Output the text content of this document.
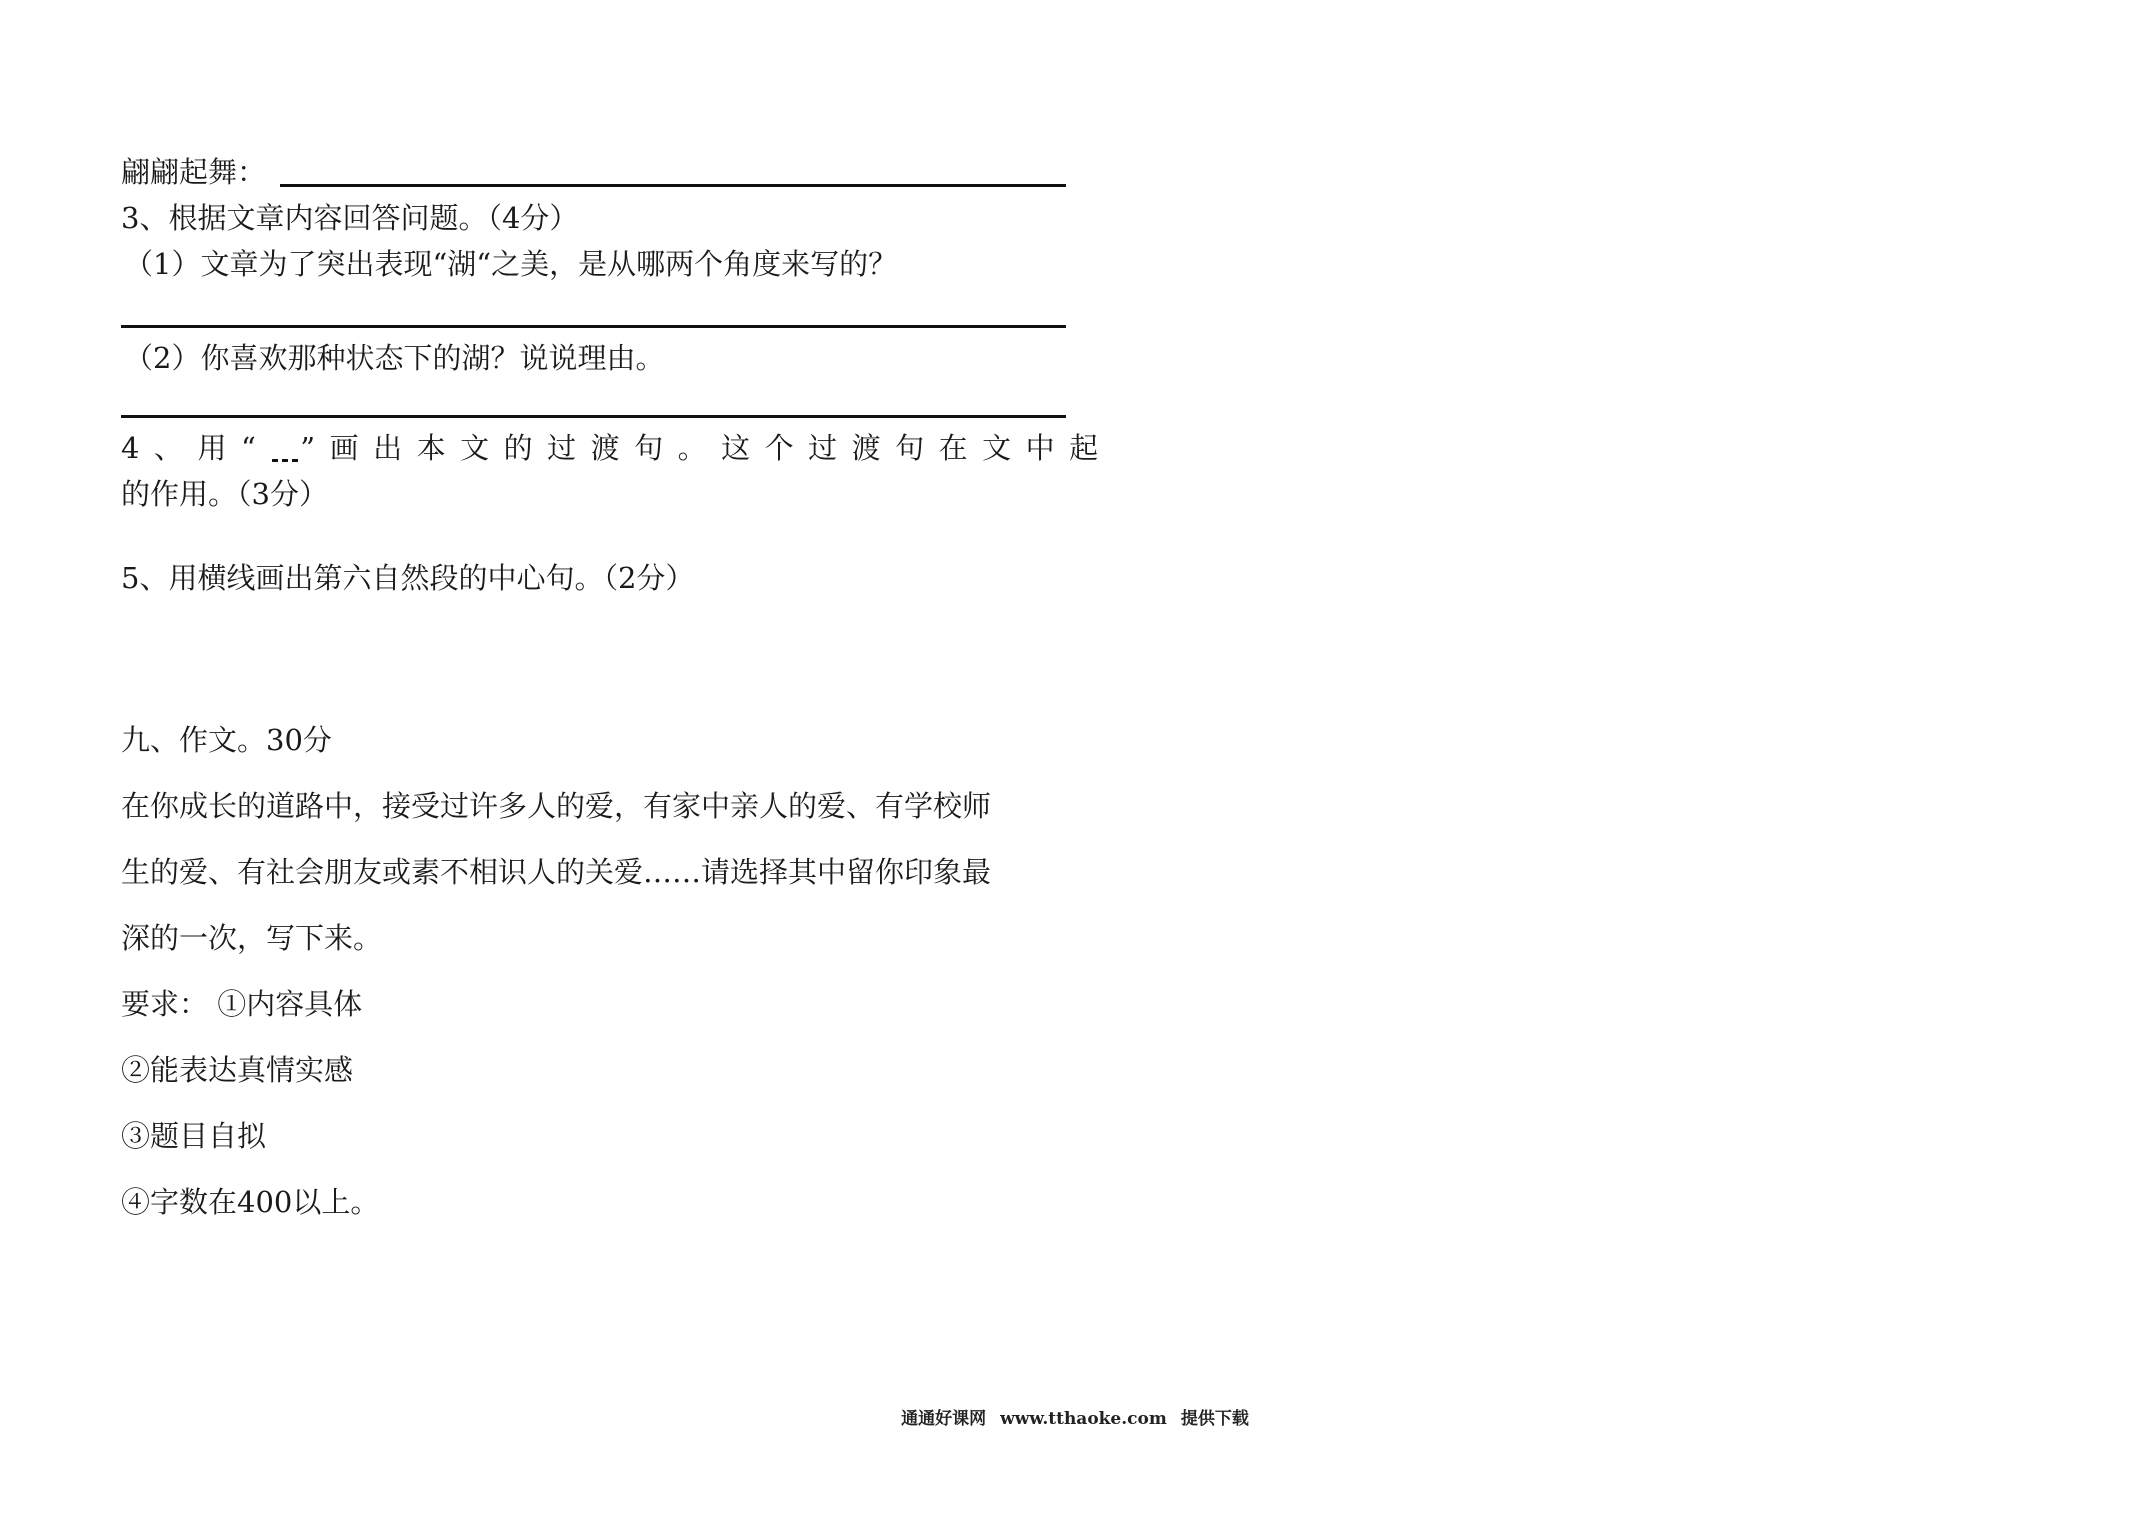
翩翩起舞：
3、根据文章内容回答问题。（4分）
（1）文章为了突出表现“湖“之美，是从哪两个角度来写的？
（2）你喜欢那种状态下的湖？说说理由。
4、用“ ”画出本文的过渡句。这个过渡句在文中起
的作用。（3分）
5、用横线画出第六自然段的中心句。（2分）
九、作文。30分
在你成长的道路中，接受过许多人的爱，有家中亲人的爱、有学校师
生的爱、有社会朋友或素不相识人的关爱……请选择其中留你印象最
深的一次，写下来。
要求： ①内容具体
②能表达真情实感
③题目自拟
④字数在400以上。
通通好课网 www.tthaoke.com 提供下载
